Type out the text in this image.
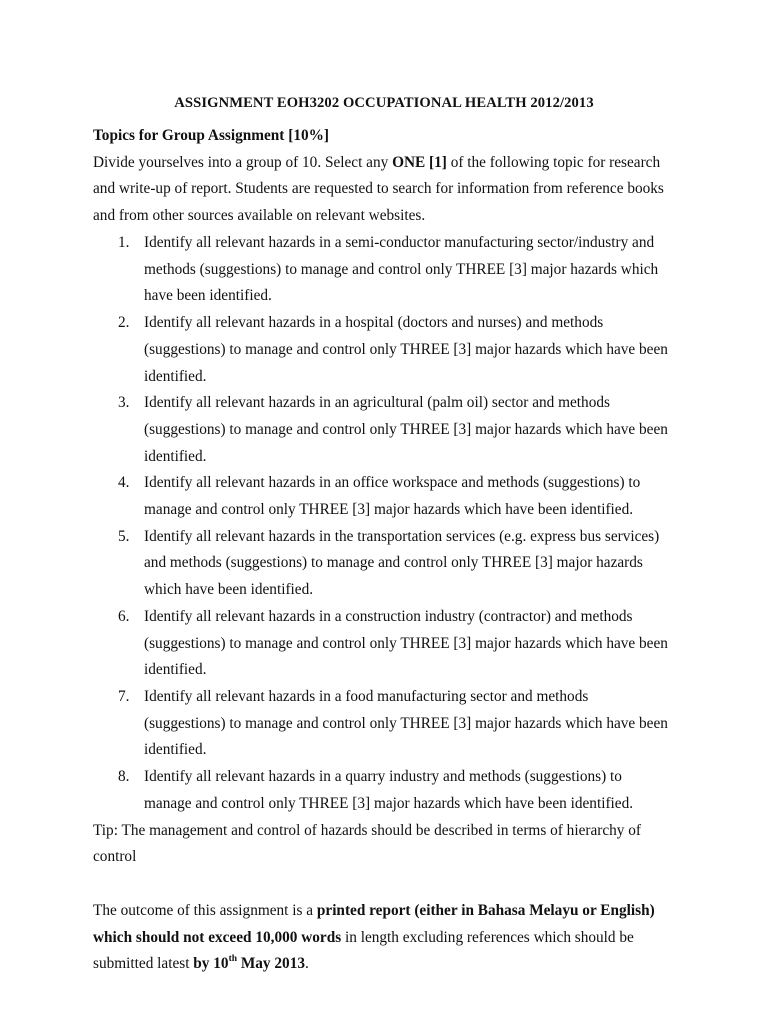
ASSIGNMENT EOH3202 OCCUPATIONAL HEALTH 2012/2013
Topics for Group Assignment [10%]
Divide yourselves into a group of 10. Select any ONE [1] of the following topic for research
and write-up of report. Students are requested to search for information from reference books
and from other sources available on relevant websites.
1. Identify all relevant hazards in a semi-conductor manufacturing sector/industry and
methods (suggestions) to manage and control only THREE [3] major hazards which
have been identified.
2. Identify all relevant hazards in a hospital (doctors and nurses) and methods
(suggestions) to manage and control only THREE [3] major hazards which have been
identified.
3. Identify all relevant hazards in an agricultural (palm oil) sector and methods
(suggestions) to manage and control only THREE [3] major hazards which have been
identified.
4. Identify all relevant hazards in an office workspace and methods (suggestions) to
manage and control only THREE [3] major hazards which have been identified.
5. Identify all relevant hazards in the transportation services (e.g. express bus services)
and methods (suggestions) to manage and control only THREE [3] major hazards
which have been identified.
6. Identify all relevant hazards in a construction industry (contractor) and methods
(suggestions) to manage and control only THREE [3] major hazards which have been
identified.
7. Identify all relevant hazards in a food manufacturing sector and methods
(suggestions) to manage and control only THREE [3] major hazards which have been
identified.
8. Identify all relevant hazards in a quarry industry and methods (suggestions) to
manage and control only THREE [3] major hazards which have been identified.
Tip: The management and control of hazards should be described in terms of hierarchy of
control
The outcome of this assignment is a printed report (either in Bahasa Melayu or English)
which should not exceed 10,000 words in length excluding references which should be
submitted latest by 10th May 2013.
